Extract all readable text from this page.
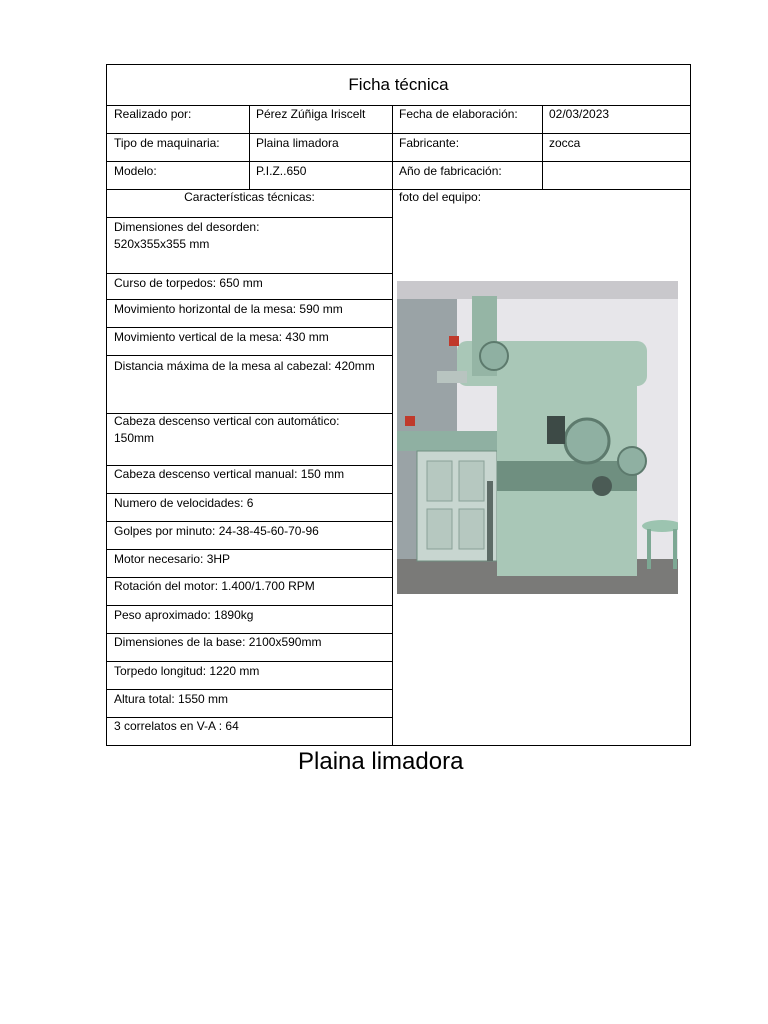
Ficha técnica
Realizado por:	Pérez Zúñiga Iriscelt	Fecha de elaboración:	02/03/2023
Tipo de maquinaria:	Plaina limadora	Fabricante:	zocca
Modelo:	P.I.Z..650	Año de fabricación:
Características técnicas:	foto del equipo:
Dimensiones del desorden:
520x355x355 mm
Curso de torpedos: 650 mm
Movimiento horizontal de la mesa: 590 mm
Movimiento vertical de la mesa: 430 mm
Distancia máxima de la mesa al cabezal: 420mm
Cabeza descenso vertical con automático:
150mm
Cabeza descenso vertical manual: 150 mm
Numero de velocidades: 6
Golpes por minuto: 24-38-45-60-70-96
Motor necesario: 3HP
Rotación del motor: 1.400/1.700 RPM
Peso aproximado: 1890kg
Dimensiones de la base: 2100x590mm
Torpedo longitud: 1220 mm
Altura total: 1550 mm
3 correlatos en V-A : 64
Plaina limadora
